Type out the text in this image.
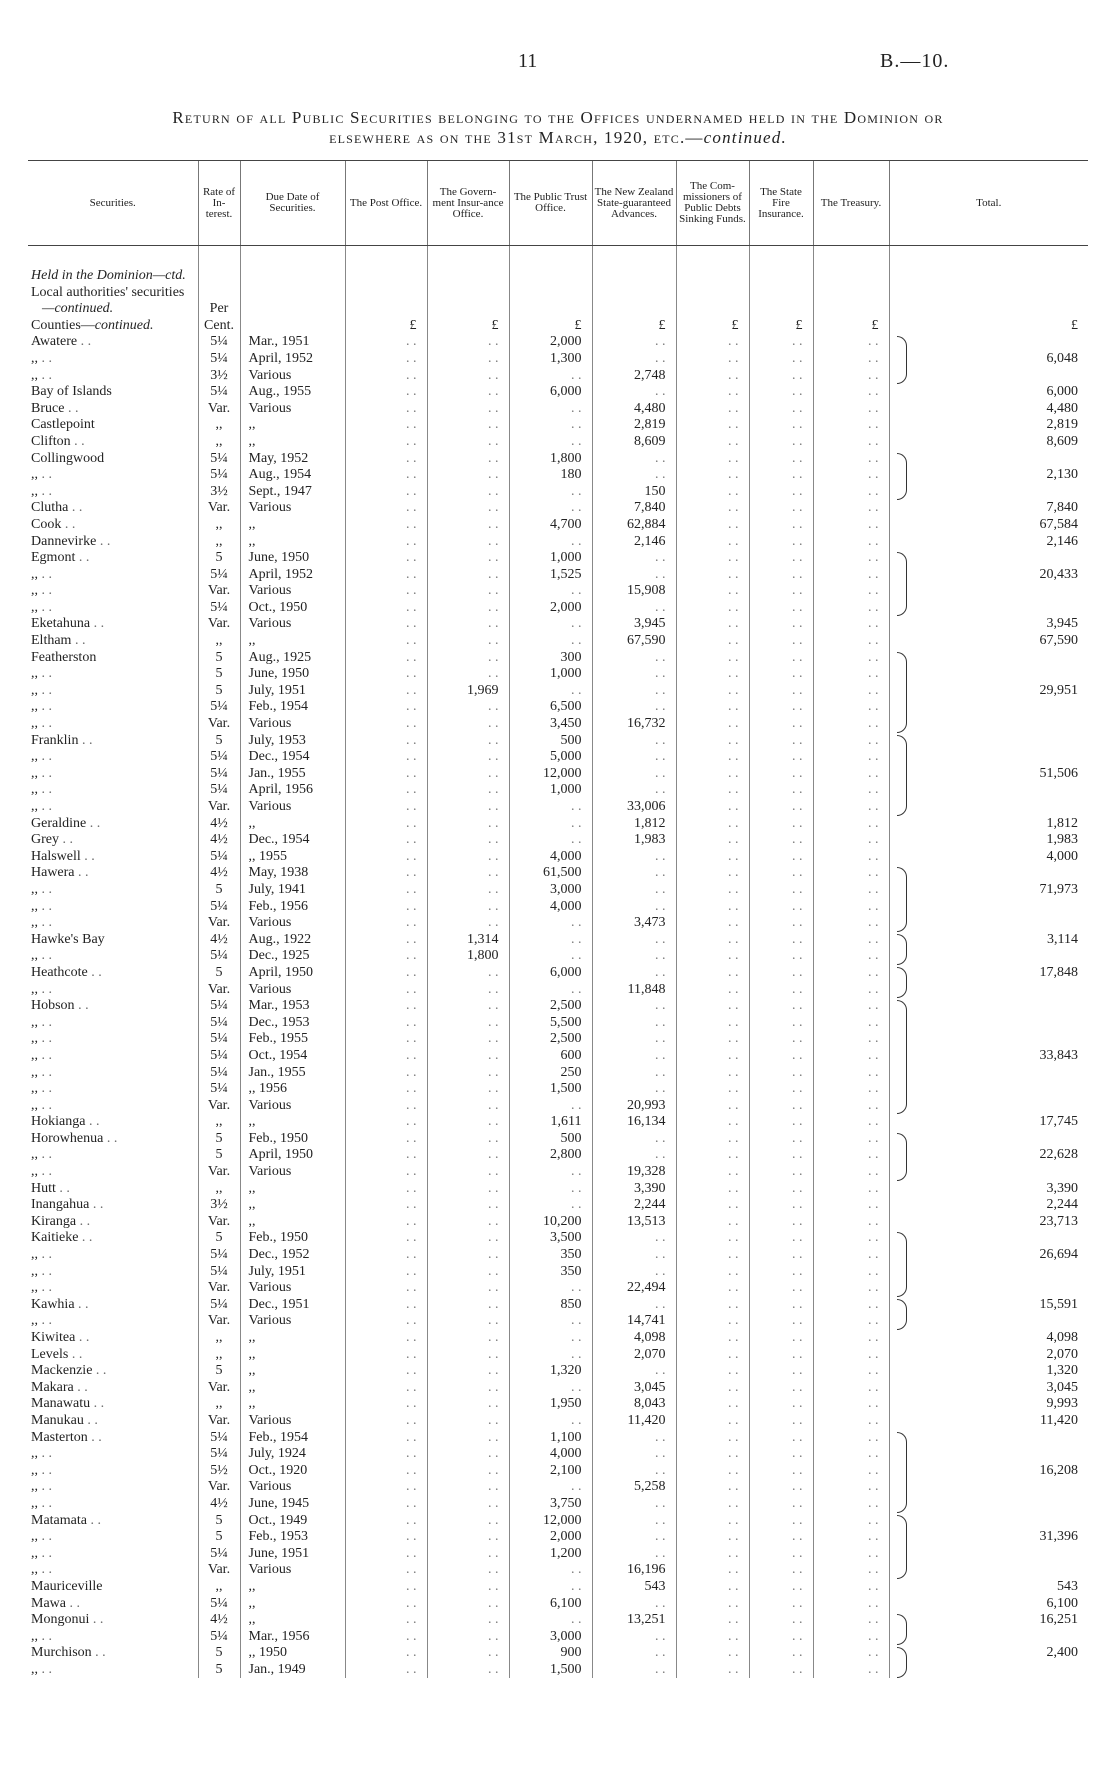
11	B.—10.
Return of all Public Securities belonging to the Offices undernamed held in the Dominion or
elsewhere as on the 31st March, 1920, etc.—continued.
Securities.	Rate of In-terest.	Due Date of Securities.	The Post Office.	The Govern-ment Insur-ance Office.	The Public Trust Office.	The New Zealand State-guaranteed Advances.	The Com-missioners of Public Debts Sinking Funds.	The State Fire Insurance.	The Treasury.	Total.

Held in the Dominion—ctd.										
Local authorities' securities										
—continued.	Per									
Counties—continued.	Cent.		£	£	£	£	£	£	£	£
Awatere . .	5¼	Mar., 1951	. .	. .	2,000	. .	. .	. .	. .	
,, . .	5¼	April, 1952	. .	. .	1,300	. .	. .	. .	. .	6,048
,, . .	3½	Various	. .	. .	. .	2,748	. .	. .	. .	
Bay of Islands	5¼	Aug., 1955	. .	. .	6,000	. .	. .	. .	. .	6,000
Bruce . .	Var.	Various	. .	. .	. .	4,480	. .	. .	. .	4,480
Castlepoint	,,	,,	. .	. .	. .	2,819	. .	. .	. .	2,819
Clifton . .	,,	,,	. .	. .	. .	8,609	. .	. .	. .	8,609
Collingwood	5¼	May, 1952	. .	. .	1,800	. .	. .	. .	. .	
,, . .	5¼	Aug., 1954	. .	. .	180	. .	. .	. .	. .	2,130
,, . .	3½	Sept., 1947	. .	. .	. .	150	. .	. .	. .	
Clutha . .	Var.	Various	. .	. .	. .	7,840	. .	. .	. .	7,840
Cook . .	,,	,,	. .	. .	4,700	62,884	. .	. .	. .	67,584
Dannevirke . .	,,	,,	. .	. .	. .	2,146	. .	. .	. .	2,146
Egmont . .	5	June, 1950	. .	. .	1,000	. .	. .	. .	. .	
,, . .	5¼	April, 1952	. .	. .	1,525	. .	. .	. .	. .	20,433
,, . .	Var.	Various	. .	. .	. .	15,908	. .	. .	. .	
,, . .	5¼	Oct., 1950	. .	. .	2,000	. .	. .	. .	. .	
Eketahuna . .	Var.	Various	. .	. .	. .	3,945	. .	. .	. .	3,945
Eltham . .	,,	,,	. .	. .	. .	67,590	. .	. .	. .	67,590
Featherston	5	Aug., 1925	. .	. .	300	. .	. .	. .	. .	
,, . .	5	June, 1950	. .	. .	1,000	. .	. .	. .	. .	
,, . .	5	July, 1951	. .	1,969	. .	. .	. .	. .	. .	29,951
,, . .	5¼	Feb., 1954	. .	. .	6,500	. .	. .	. .	. .	
,, . .	Var.	Various	. .	. .	3,450	16,732	. .	. .	. .	
Franklin . .	5	July, 1953	. .	. .	500	. .	. .	. .	. .	
,, . .	5¼	Dec., 1954	. .	. .	5,000	. .	. .	. .	. .	
,, . .	5¼	Jan., 1955	. .	. .	12,000	. .	. .	. .	. .	51,506
,, . .	5¼	April, 1956	. .	. .	1,000	. .	. .	. .	. .	
,, . .	Var.	Various	. .	. .	. .	33,006	. .	. .	. .	
Geraldine . .	4½	,,	. .	. .	. .	1,812	. .	. .	. .	1,812
Grey . .	4½	Dec., 1954	. .	. .	. .	1,983	. .	. .	. .	1,983
Halswell . .	5¼	,, 1955	. .	. .	4,000	. .	. .	. .	. .	4,000
Hawera . .	4½	May, 1938	. .	. .	61,500	. .	. .	. .	. .	
,, . .	5	July, 1941	. .	. .	3,000	. .	. .	. .	. .	71,973
,, . .	5¼	Feb., 1956	. .	. .	4,000	. .	. .	. .	. .	
,, . .	Var.	Various	. .	. .	. .	3,473	. .	. .	. .	
Hawke's Bay	4½	Aug., 1922	. .	1,314	. .	. .	. .	. .	. .	3,114
,, . .	5¼	Dec., 1925	. .	1,800	. .	. .	. .	. .	. .	
Heathcote . .	5	April, 1950	. .	. .	6,000	. .	. .	. .	. .	17,848
,, . .	Var.	Various	. .	. .	. .	11,848	. .	. .	. .	
Hobson . .	5¼	Mar., 1953	. .	. .	2,500	. .	. .	. .	. .	
,, . .	5¼	Dec., 1953	. .	. .	5,500	. .	. .	. .	. .	
,, . .	5¼	Feb., 1955	. .	. .	2,500	. .	. .	. .	. .	
,, . .	5¼	Oct., 1954	. .	. .	600	. .	. .	. .	. .	33,843
,, . .	5¼	Jan., 1955	. .	. .	250	. .	. .	. .	. .	
,, . .	5¼	,, 1956	. .	. .	1,500	. .	. .	. .	. .	
,, . .	Var.	Various	. .	. .	. .	20,993	. .	. .	. .	
Hokianga . .	,,	,,	. .	. .	1,611	16,134	. .	. .	. .	17,745
Horowhenua . .	5	Feb., 1950	. .	. .	500	. .	. .	. .	. .	
,, . .	5	April, 1950	. .	. .	2,800	. .	. .	. .	. .	22,628
,, . .	Var.	Various	. .	. .	. .	19,328	. .	. .	. .	
Hutt . .	,,	,,	. .	. .	. .	3,390	. .	. .	. .	3,390
Inangahua . .	3½	,,	. .	. .	. .	2,244	. .	. .	. .	2,244
Kiranga . .	Var.	,,	. .	. .	10,200	13,513	. .	. .	. .	23,713
Kaitieke . .	5	Feb., 1950	. .	. .	3,500	. .	. .	. .	. .	
,, . .	5¼	Dec., 1952	. .	. .	350	. .	. .	. .	. .	26,694
,, . .	5¼	July, 1951	. .	. .	350	. .	. .	. .	. .	
,, . .	Var.	Various	. .	. .	. .	22,494	. .	. .	. .	
Kawhia . .	5¼	Dec., 1951	. .	. .	850	. .	. .	. .	. .	15,591
,, . .	Var.	Various	. .	. .	. .	14,741	. .	. .	. .	
Kiwitea . .	,,	,,	. .	. .	. .	4,098	. .	. .	. .	4,098
Levels . .	,,	,,	. .	. .	. .	2,070	. .	. .	. .	2,070
Mackenzie . .	5	,,	. .	. .	1,320	. .	. .	. .	. .	1,320
Makara . .	Var.	,,	. .	. .	. .	3,045	. .	. .	. .	3,045
Manawatu . .	,,	,,	. .	. .	1,950	8,043	. .	. .	. .	9,993
Manukau . .	Var.	Various	. .	. .	. .	11,420	. .	. .	. .	11,420
Masterton . .	5¼	Feb., 1954	. .	. .	1,100	. .	. .	. .	. .	
,, . .	5¼	July, 1924	. .	. .	4,000	. .	. .	. .	. .	
,, . .	5½	Oct., 1920	. .	. .	2,100	. .	. .	. .	. .	16,208
,, . .	Var.	Various	. .	. .	. .	5,258	. .	. .	. .	
,, . .	4½	June, 1945	. .	. .	3,750	. .	. .	. .	. .	
Matamata . .	5	Oct., 1949	. .	. .	12,000	. .	. .	. .	. .	
,, . .	5	Feb., 1953	. .	. .	2,000	. .	. .	. .	. .	31,396
,, . .	5¼	June, 1951	. .	. .	1,200	. .	. .	. .	. .	
,, . .	Var.	Various	. .	. .	. .	16,196	. .	. .	. .	
Mauriceville	,,	,,	. .	. .	. .	543	. .	. .	. .	543
Mawa . .	5¼	,,	. .	. .	6,100	. .	. .	. .	. .	6,100
Mongonui . .	4½	,,	. .	. .	. .	13,251	. .	. .	. .	16,251
,, . .	5¼	Mar., 1956	. .	. .	3,000	. .	. .	. .	. .	
Murchison . .	5	,, 1950	. .	. .	900	. .	. .	. .	. .	2,400
,, . .	5	Jan., 1949	. .	. .	1,500	. .	. .	. .	. .	
